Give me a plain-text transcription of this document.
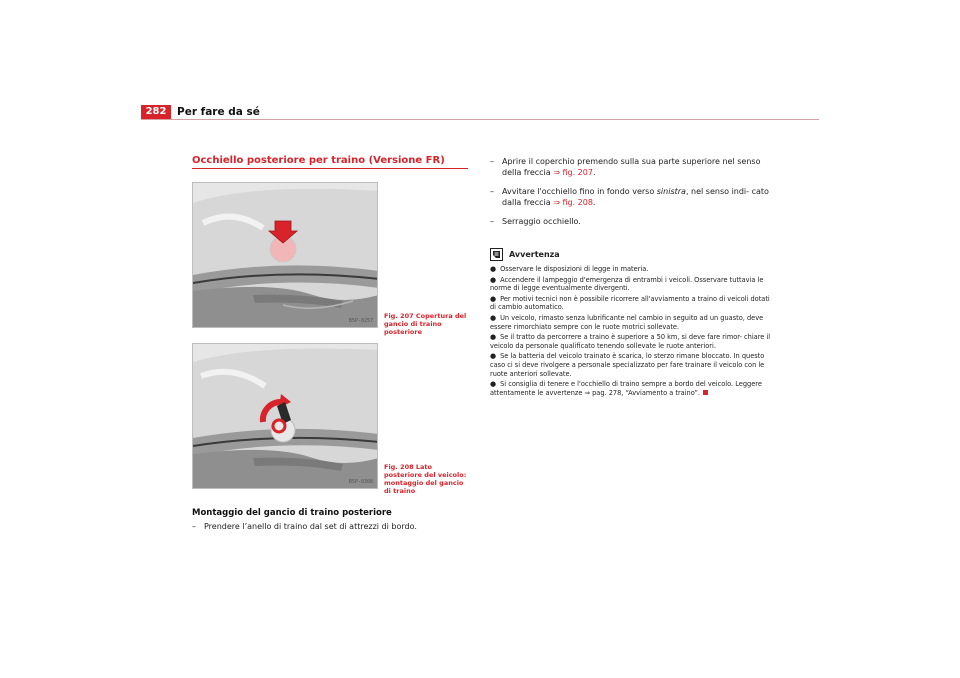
282	Per fare da sé
Occhiello posteriore per traino (Versione FR)
B5P-0257
Fig. 207 Copertura del gancio di traino posteriore
B5P-0308
Fig. 208 Lato posteriore del veicolo: montaggio del gancio di traino
Montaggio del gancio di traino posteriore
– Prendere l’anello di traino dal set di attrezzi di bordo.
– Aprire il coperchio premendo sulla sua parte superiore nel senso della freccia ⇒ fig. 207.
– Avvitare l'occhiello fino in fondo verso sinistra, nel senso indi- cato dalla freccia ⇒ fig. 208.
– Serraggio occhiello.
Avvertenza
● Osservare le disposizioni di legge in materia.
● Accendere il lampeggio d'emergenza di entrambi i veicoli. Osservare tuttavia le norme di legge eventualmente divergenti.
● Per motivi tecnici non è possibile ricorrere all'avviamento a traino di veicoli dotati di cambio automatico.
● Un veicolo, rimasto senza lubrificante nel cambio in seguito ad un guasto, deve essere rimorchiato sempre con le ruote motrici sollevate.
● Se il tratto da percorrere a traino è superiore a 50 km, si deve fare rimor- chiare il veicolo da personale qualificato tenendo sollevate le ruote anteriori.
● Se la batteria del veicolo trainato è scarica, lo sterzo rimane bloccato. In questo caso ci si deve rivolgere a personale specializzato per fare trainare il veicolo con le ruote anteriori sollevate.
● Si consiglia di tenere e l'occhiello di traino sempre a bordo del veicolo. Leggere attentamente le avvertenze ⇒ pag. 278, “Avviamento a traino”.
